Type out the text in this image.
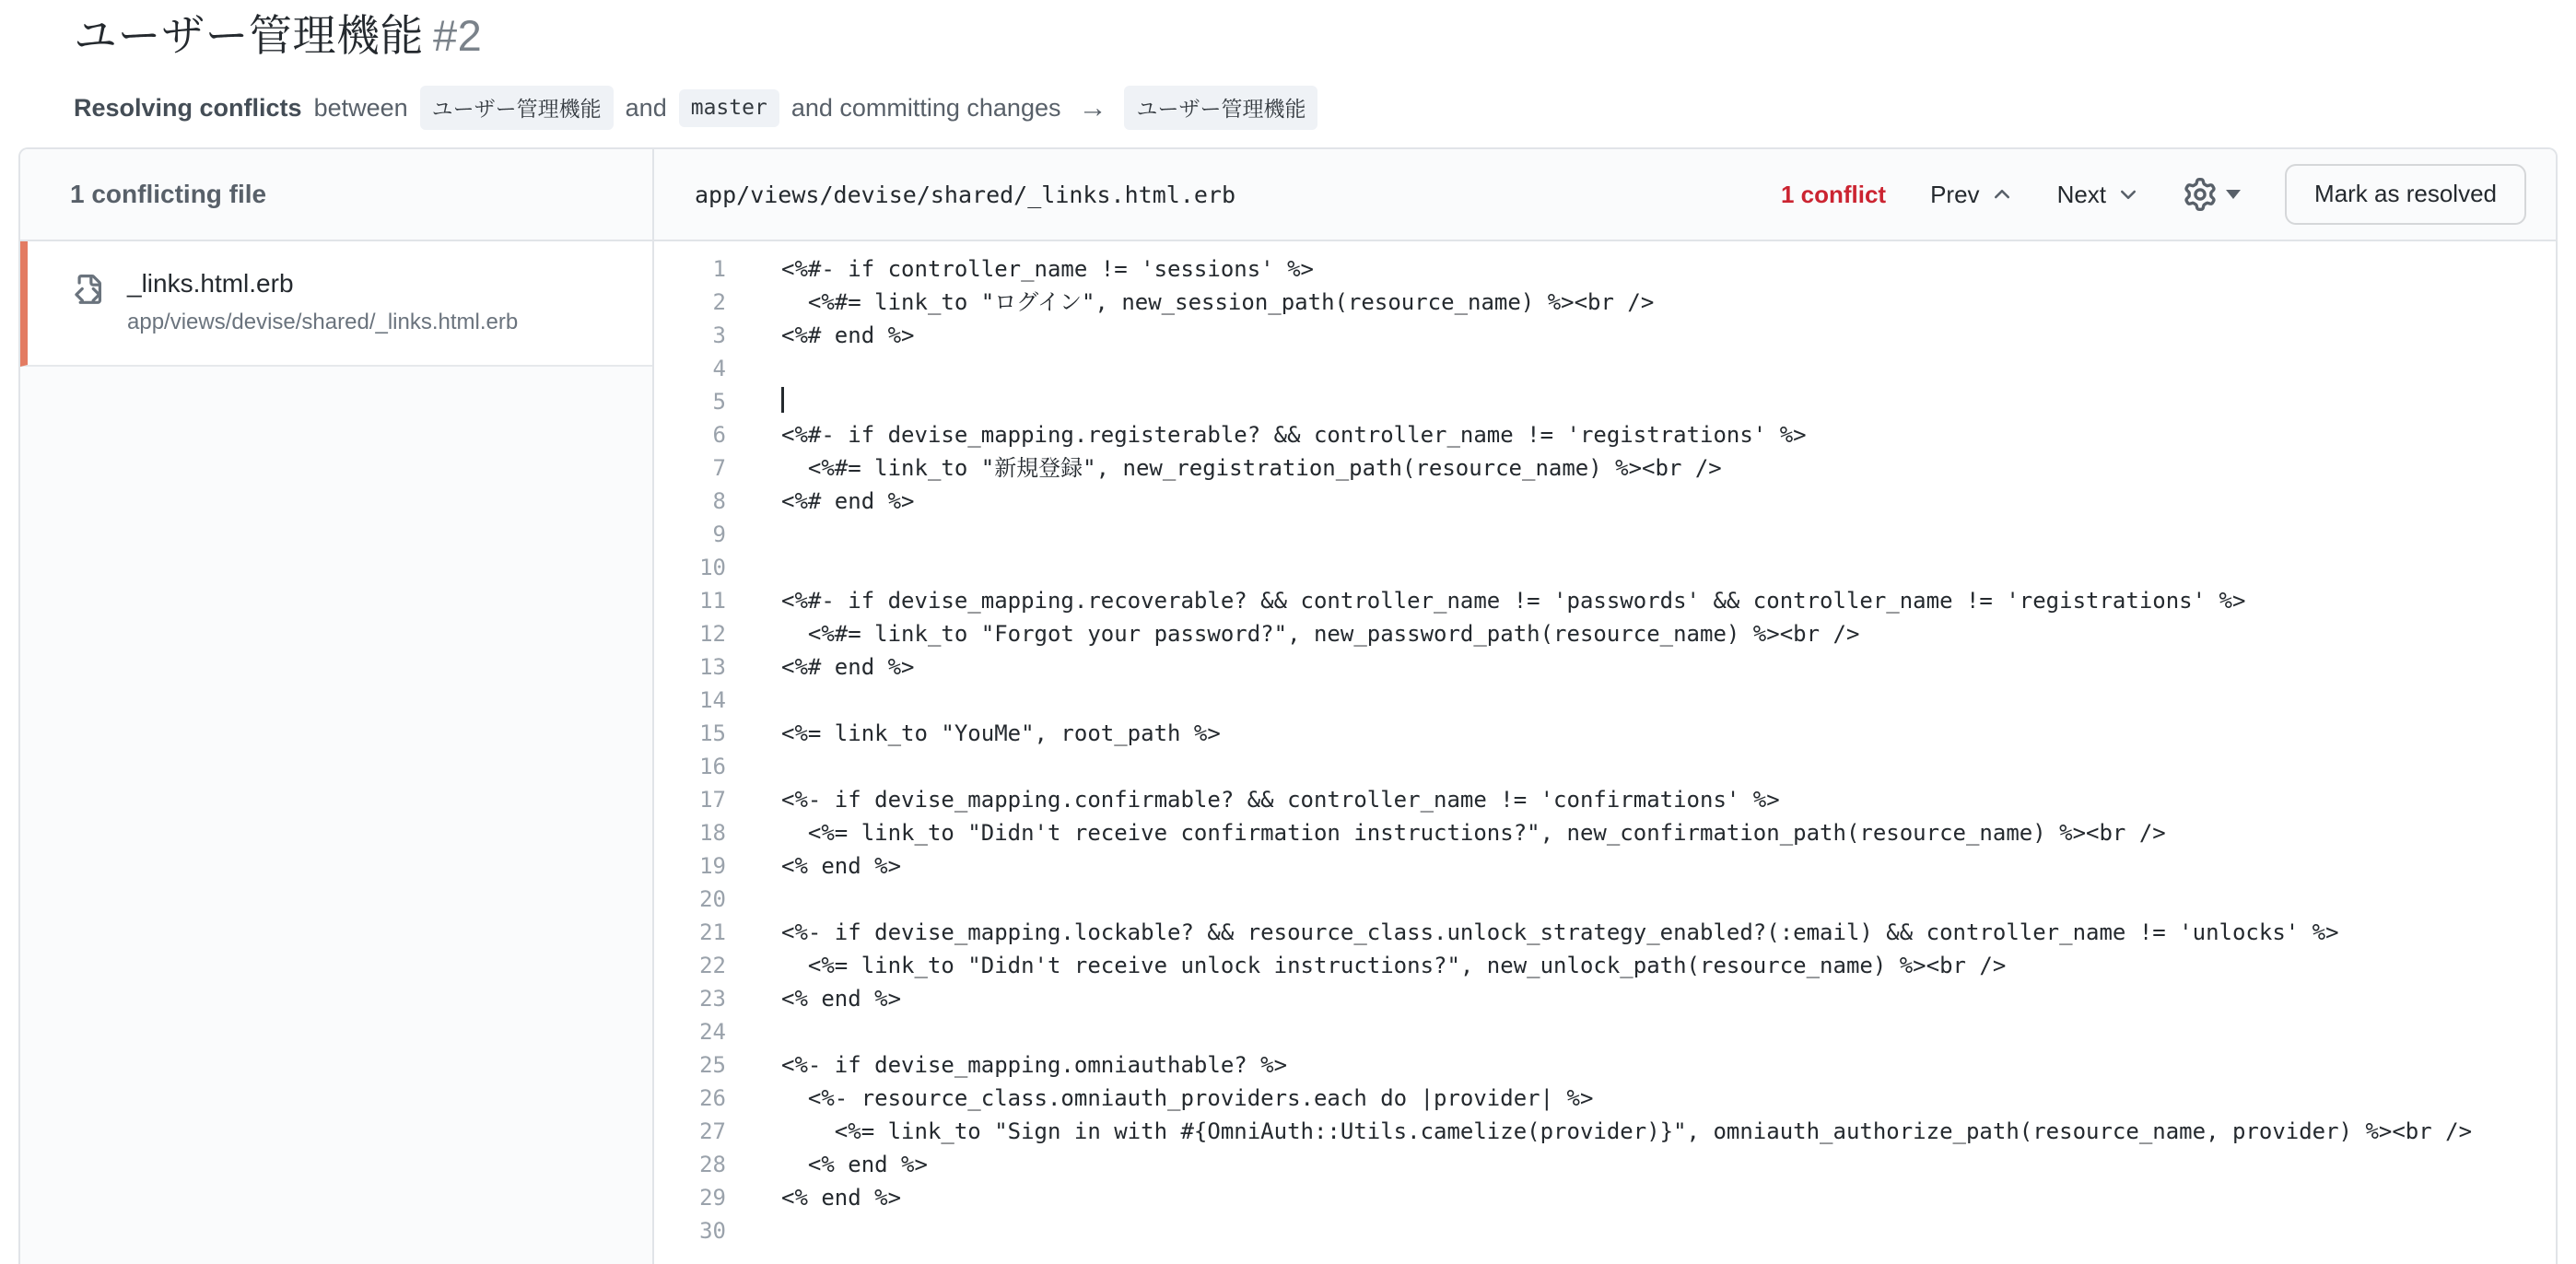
ユーザー管理機能 #2
Resolving conflicts between	ユーザー管理機能 and	master and committing changes →	ユーザー管理機能
1 conflicting file
_links.html.erb
app/views/devise/shared/_links.html.erb
app/views/devise/shared/_links.html.erb	1 conflict Prev	Next	Mark as resolved
1	<%#- if controller_name != 'sessions' %>
2	<%#= link_to "ログイン", new_session_path(resource_name) %><br />
3	<%# end %>
4
5
6	<%#- if devise_mapping.registerable? && controller_name != 'registrations' %>
7	<%#= link_to "新規登録", new_registration_path(resource_name) %><br />
8	<%# end %>
9
10
11	<%#- if devise_mapping.recoverable? && controller_name != 'passwords' && controller_name != 'registrations' %>
12	<%#= link_to "Forgot your password?", new_password_path(resource_name) %><br />
13	<%# end %>
14
15	<%= link_to "YouMe", root_path %>
16
17	<%- if devise_mapping.confirmable? && controller_name != 'confirmations' %>
18	<%= link_to "Didn't receive confirmation instructions?", new_confirmation_path(resource_name) %><br />
19	<% end %>
20
21	<%- if devise_mapping.lockable? && resource_class.unlock_strategy_enabled?(:email) && controller_name != 'unlocks' %>
22	<%= link_to "Didn't receive unlock instructions?", new_unlock_path(resource_name) %><br />
23	<% end %>
24
25	<%- if devise_mapping.omniauthable? %>
26	<%- resource_class.omniauth_providers.each do |provider| %>
27	<%= link_to "Sign in with #{OmniAuth::Utils.camelize(provider)}", omniauth_authorize_path(resource_name, provider) %><br />
28	<% end %>
29	<% end %>
30
